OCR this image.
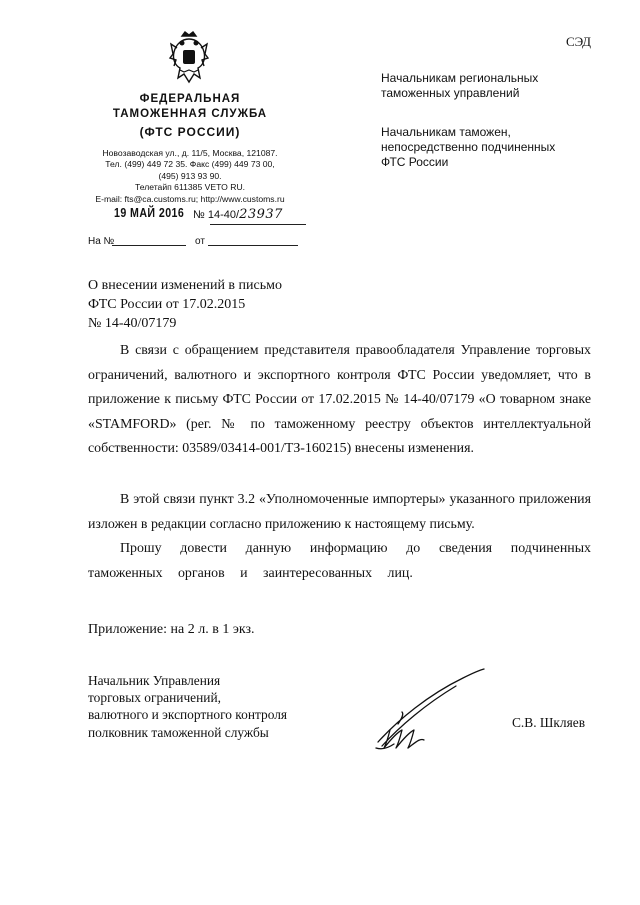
СЭД
ФЕДЕРАЛЬНАЯ
ТАМОЖЕННАЯ СЛУЖБА
(ФТС РОССИИ)
Новозаводская ул., д. 11/5, Москва, 121087.
Тел. (499) 449 72 35. Факс (499) 449 73 00,
(495) 913 93 90.
Телетайп 611385 VETO RU.
E-mail: fts@ca.customs.ru; http://www.customs.ru
19 МАЙ 2016 № 14-40/23937
На №	от
Начальникам региональных
таможенных управлений
Начальникам таможен,
непосредственно подчиненных
ФТС России
О внесении изменений в письмо
ФТС России от 17.02.2015
№ 14-40/07179
В связи с обращением представителя правообладателя Управление торговых ограничений, валютного и экспортного контроля ФТС России уведомляет, что в приложение к письму ФТС России от 17.02.2015 № 14-40/07179 «О товарном знаке «STAMFORD» (рег. № по таможенному реестру объектов интеллектуальной собственности: 03589/03414-001/ТЗ-160215) внесены изменения.
В этой связи пункт 3.2 «Уполномоченные импортеры» указанного приложения изложен в редакции согласно приложению к настоящему письму.
Прошу довести данную информацию до сведения подчиненных таможенных органов и заинтересованных лиц.
Приложение: на 2 л. в 1 экз.
Начальник Управления
торговых ограничений,
валютного и экспортного контроля
полковник таможенной службы
С.В. Шкляев
